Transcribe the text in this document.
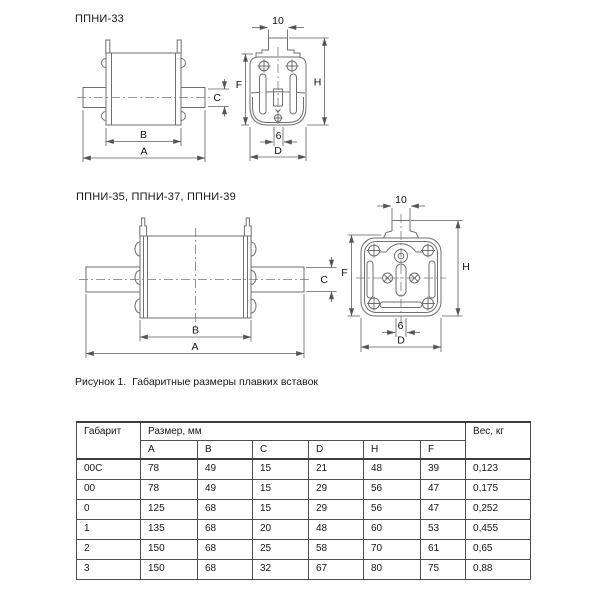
ППНИ-33
C
B
A
10
F	H
6
D
ППНИ-35, ППНИ-37, ППНИ-39
C
B
A
10
F	H
6
D
Рисунок 1.  Габаритные размеры плавких вставок
Габарит	Размер, мм						Вес, кг
	A	B	C	D	H	F	
00C	78	49	15	21	48	39	0,123
00	78	49	15	29	56	47	0,175
0	125	68	15	29	56	47	0,252
1	135	68	20	48	60	53	0,455
2	150	68	25	58	70	61	0,65
3	150	68	32	67	80	75	0,88
